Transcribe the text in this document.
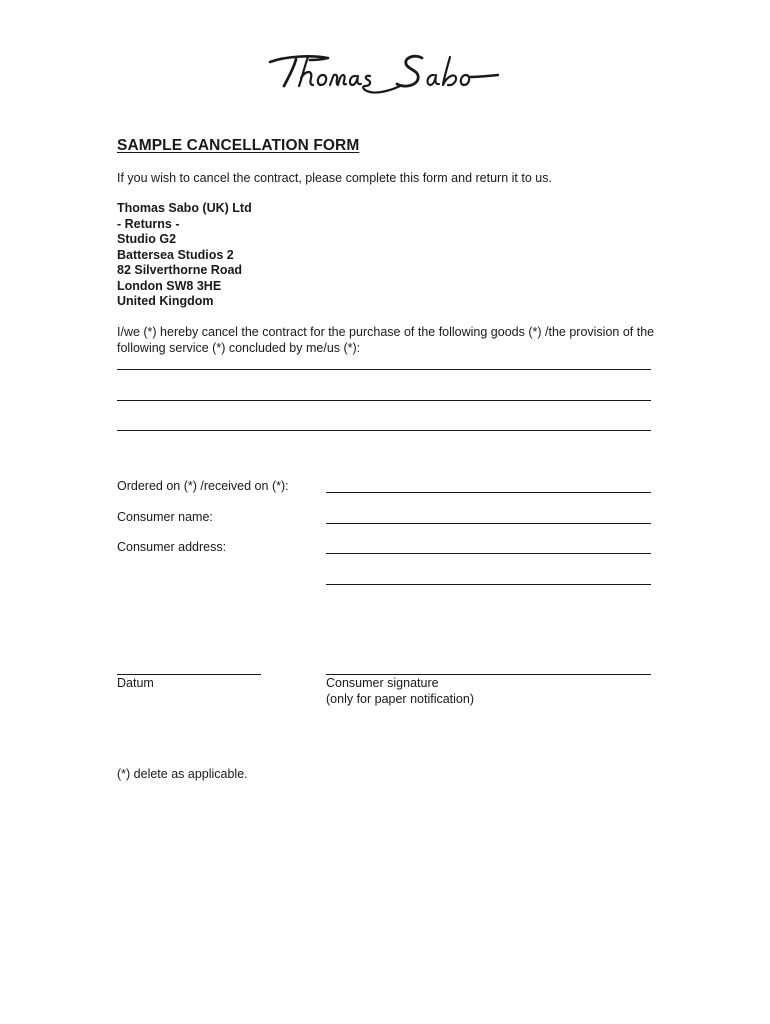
SAMPLE CANCELLATION FORM
If you wish to cancel the contract, please complete this form and return it to us.
Thomas Sabo (UK) Ltd
- Returns -
Studio G2
Battersea Studios 2
82 Silverthorne Road
London SW8 3HE
United Kingdom
I/we (*) hereby cancel the contract for the purchase of the following goods (*) /the provision of the following service (*) concluded by me/us (*):
Ordered on (*) /received on (*):
Consumer name:
Consumer address:
Datum	Consumer signature
(only for paper notification)
(*) delete as applicable.
